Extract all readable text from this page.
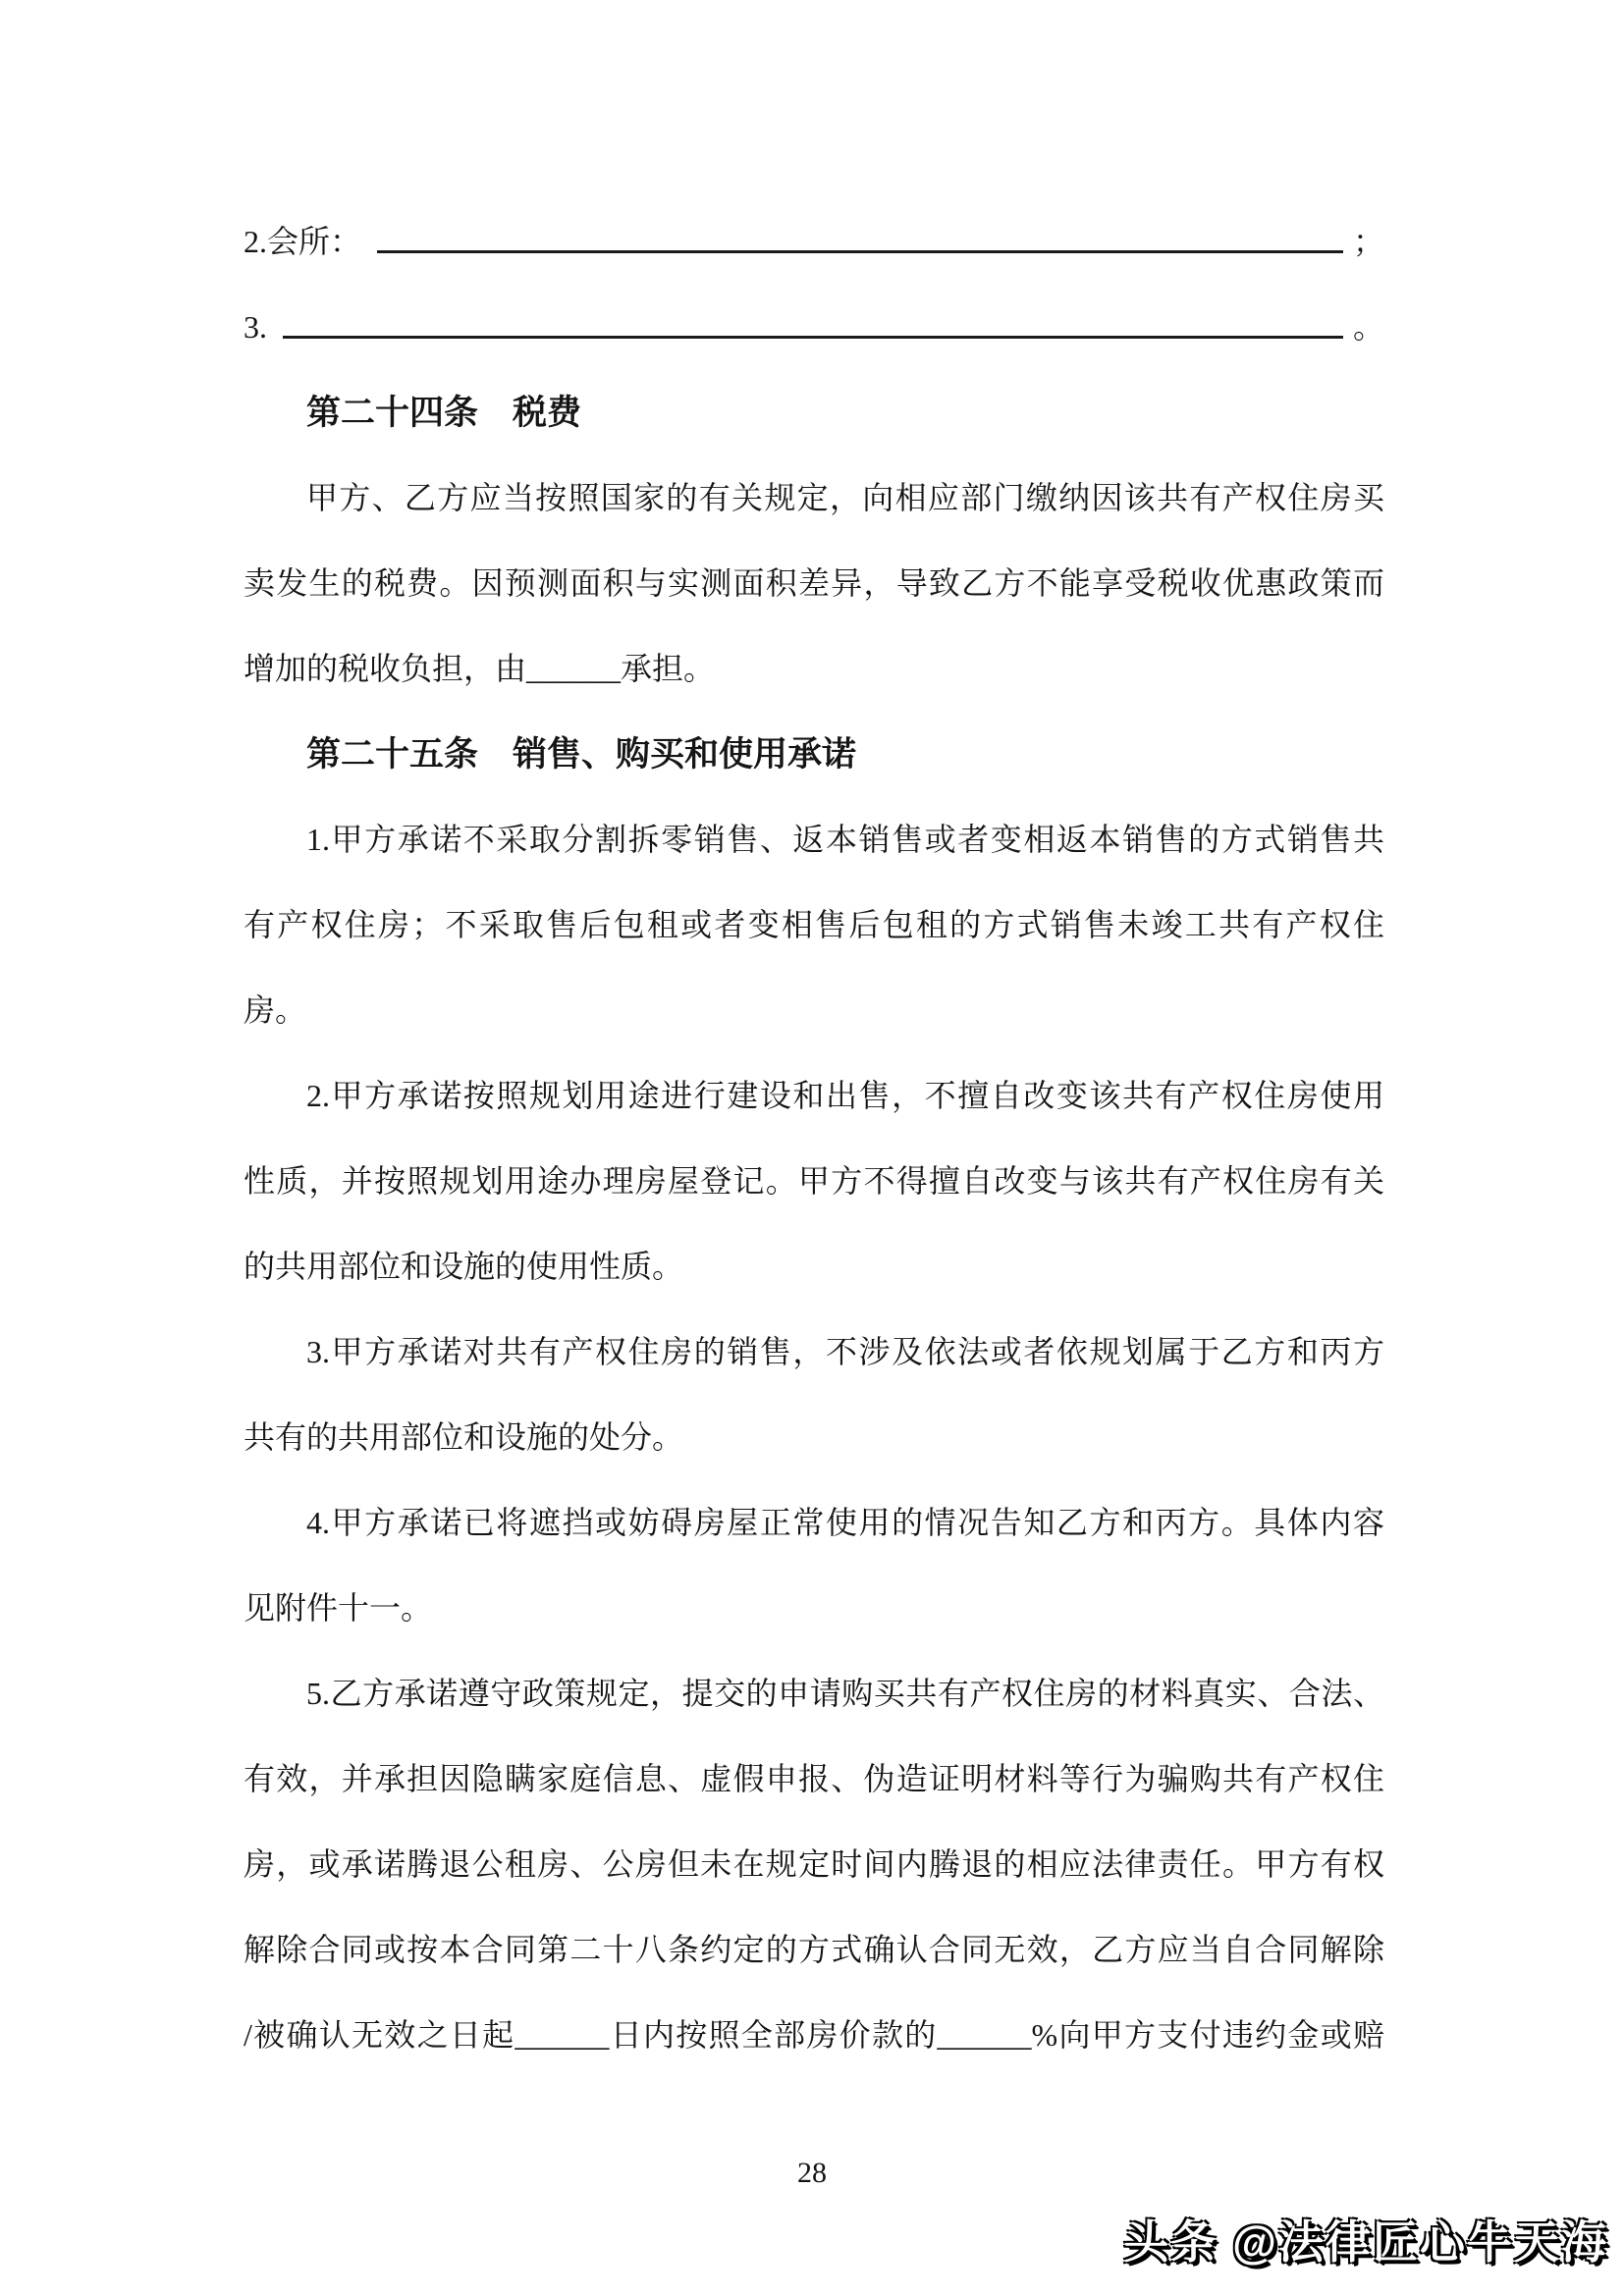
2.会所：	；
3.	。
第二十四条　税费
甲方、乙方应当按照国家的有关规定，向相应部门缴纳因该共有产权住房买
卖发生的税费。因预测面积与实测面积差异，导致乙方不能享受税收优惠政策而
增加的税收负担，由______承担。
第二十五条　销售、购买和使用承诺
1.甲方承诺不采取分割拆零销售、返本销售或者变相返本销售的方式销售共
有产权住房；不采取售后包租或者变相售后包租的方式销售未竣工共有产权住
房。
2.甲方承诺按照规划用途进行建设和出售，不擅自改变该共有产权住房使用
性质，并按照规划用途办理房屋登记。甲方不得擅自改变与该共有产权住房有关
的共用部位和设施的使用性质。
3.甲方承诺对共有产权住房的销售，不涉及依法或者依规划属于乙方和丙方
共有的共用部位和设施的处分。
4.甲方承诺已将遮挡或妨碍房屋正常使用的情况告知乙方和丙方。具体内容
见附件十一。
5.乙方承诺遵守政策规定，提交的申请购买共有产权住房的材料真实、合法、
有效，并承担因隐瞒家庭信息、虚假申报、伪造证明材料等行为骗购共有产权住
房，或承诺腾退公租房、公房但未在规定时间内腾退的相应法律责任。甲方有权
解除合同或按本合同第二十八条约定的方式确认合同无效，乙方应当自合同解除
/被确认无效之日起______日内按照全部房价款的______%向甲方支付违约金或赔
28
头条 @法律匠心牛天海
